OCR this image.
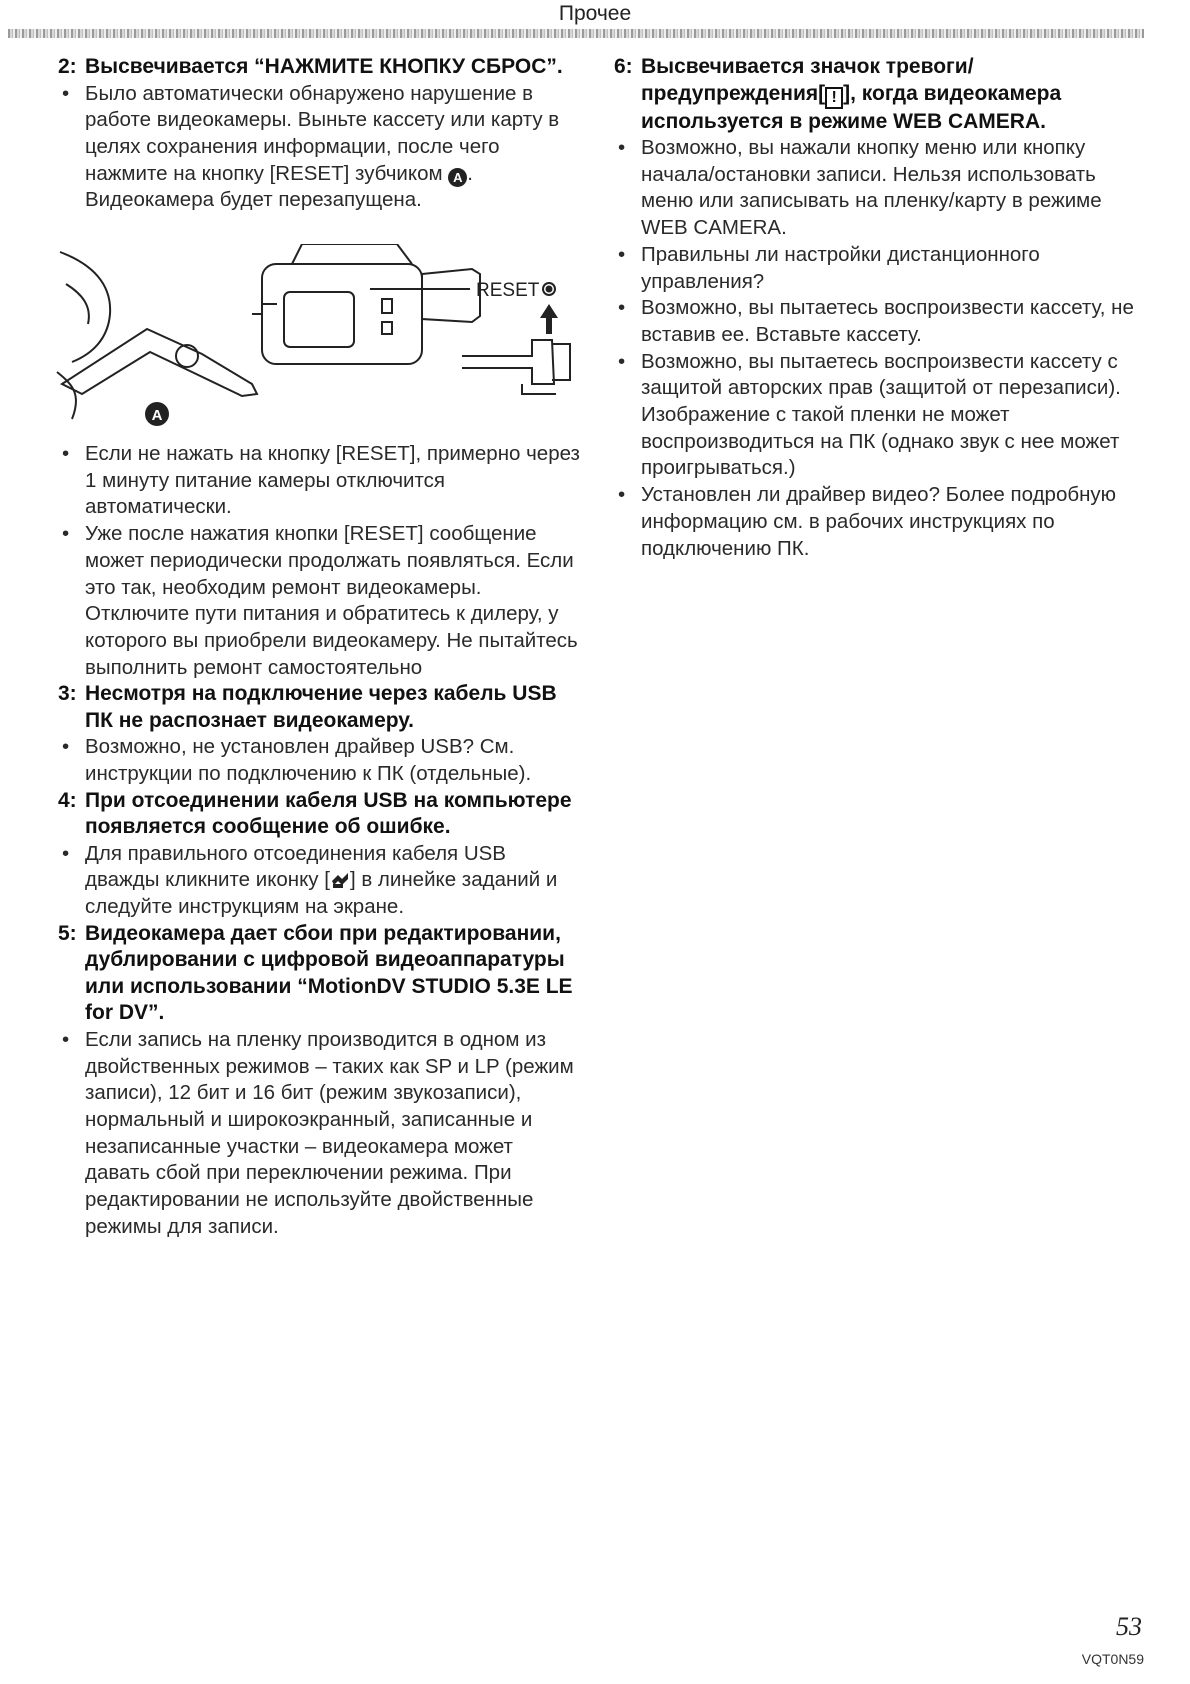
Прочее
2: Высвечивается “НАЖМИТЕ КНОПКУ СБРОС”.
• Было автоматически обнаружено нарушение в работе видеокамеры. Выньте кассету или карту в целях сохранения информации, после чего нажмите на кнопку [RESET] зубчиком A . Видеокамера будет перезапущена.
RESET
A
• Если не нажать на кнопку [RESET], примерно через 1 минуту питание камеры отключится автоматически.
• Уже после нажатия кнопки [RESET] сообщение может периодически продолжать появляться. Если это так, необходим ремонт видеокамеры. Отключите пути питания и обратитесь к дилеру, у которого вы приобрели видеокамеру. Не пытайтесь выполнить ремонт самостоятельно
3: Несмотря на подключение через кабель USB ПК не распознает видеокамеру.
• Возможно, не установлен драйвер USB? См. инструкции по подключению к ПК (отдельные).
4: При отсоединении кабеля USB на компьютере появляется сообщение об ошибке.
• Для правильного отсоединения кабеля USB дважды кликните иконку [ ] в линейке заданий и следуйте инструкциям на экране.
5: Видеокамера дает сбои при редактировании, дублировании с цифровой видеоаппаратуры или использовании “MotionDV STUDIO 5.3E LE for DV”.
• Если запись на пленку производится в одном из двойственных режимов – таких как SP и LP (режим записи), 12 бит и 16 бит (режим звукозаписи), нормальный и широкоэкранный, записанные и незаписанные участки – видеокамера может давать сбой при переключении режима. При редактировании не используйте двойственные режимы для записи.
6: Высвечивается значок тревоги/ предупреждения[ ! ], когда видеокамера используется в режиме WEB CAMERA.
• Возможно, вы нажали кнопку меню или кнопку начала/остановки записи. Нельзя использовать меню или записывать на пленку/карту в режиме WEB CAMERA.
• Правильны ли настройки дистанционного управления?
• Возможно, вы пытаетесь воспроизвести кассету, не вставив ее. Вставьте кассету.
• Возможно, вы пытаетесь воспроизвести кассету с защитой авторских прав (защитой от перезаписи). Изображение с такой пленки не может воспроизводиться на ПК (однако звук с нее может проигрываться.)
• Установлен ли драйвер видео? Более подробную информацию см. в рабочих инструкциях по подключению ПК.
53
VQT0N59
